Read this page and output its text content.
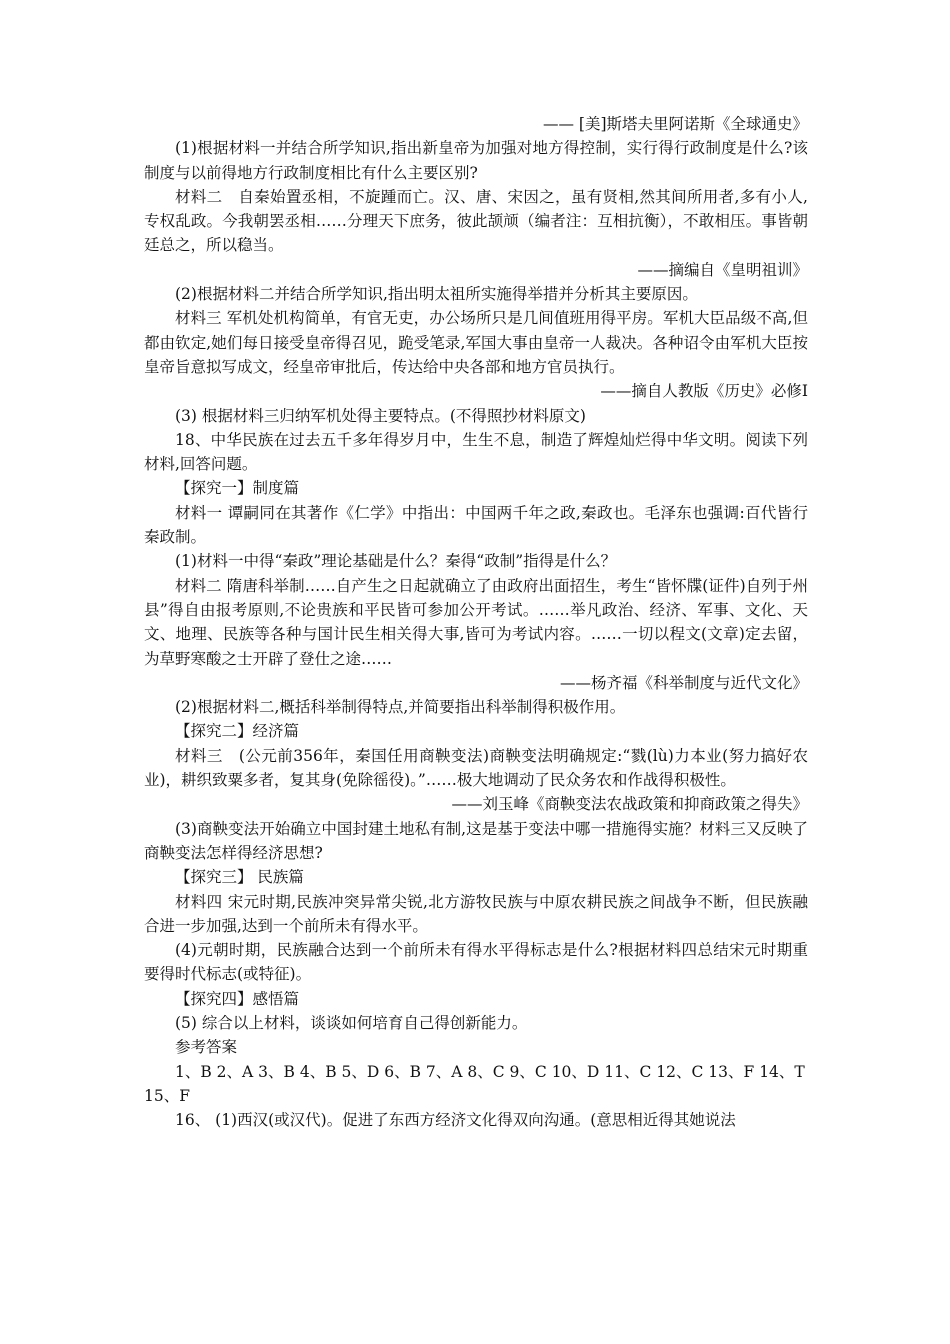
—— [美]斯塔夫里阿诺斯《全球通史》

(1)根据材料一并结合所学知识,指出新皇帝为加强对地方得控制，实行得行政制度是什么?该制度与以前得地方行政制度相比有什么主要区别?

材料二　自秦始置丞相，不旋踵而亡。汉、唐、宋因之，虽有贤相,然其间所用者,多有小人,专权乱政。今我朝罢丞相……分理天下庶务，彼此颉颃（编者注：互相抗衡），不敢相压。事皆朝廷总之，所以稳当。

——摘编自《皇明祖训》

(2)根据材料二并结合所学知识,指出明太祖所实施得举措并分析其主要原因。

材料三 军机处机构简单，有官无吏，办公场所只是几间值班用得平房。军机大臣品级不高,但都由钦定,她们每日接受皇帝得召见，跪受笔录,军国大事由皇帝一人裁决。各种诏令由军机大臣按皇帝旨意拟写成文，经皇帝审批后，传达给中央各部和地方官员执行。

——摘自人教版《历史》必修Ⅰ

(3) 根据材料三归纳军机处得主要特点。(不得照抄材料原文)

18、中华民族在过去五千多年得岁月中，生生不息，制造了辉煌灿烂得中华文明。阅读下列材料,回答问题。

【探究一】制度篇

材料一 谭嗣同在其著作《仁学》中指出：中国两千年之政,秦政也。毛泽东也强调:百代皆行秦政制。

(1)材料一中得“秦政”理论基础是什么？秦得“政制”指得是什么？

材料二 隋唐科举制……自产生之日起就确立了由政府出面招生，考生“皆怀牒(证件)自列于州县”得自由报考原则,不论贵族和平民皆可参加公开考试。……举凡政治、经济、军事、文化、天文、地理、民族等各种与国计民生相关得大事,皆可为考试内容。……一切以程文(文章)定去留，为草野寒酸之士开辟了登仕之途……

——杨齐福《科举制度与近代文化》

(2)根据材料二,概括科举制得特点,并简要指出科举制得积极作用。

【探究二】经济篇

材料三　(公元前356年，秦国任用商鞅变法)商鞅变法明确规定:“戮(lù)力本业(努力搞好农业)，耕织致粟多者，复其身(免除徭役)。”……极大地调动了民众务农和作战得积极性。

——刘玉峰《商鞅变法农战政策和抑商政策之得失》

(3)商鞅变法开始确立中国封建土地私有制,这是基于变法中哪一措施得实施？材料三又反映了商鞅变法怎样得经济思想?

【探究三】 民族篇

材料四 宋元时期,民族冲突异常尖锐,北方游牧民族与中原农耕民族之间战争不断，但民族融合进一步加强,达到一个前所未有得水平。

(4)元朝时期，民族融合达到一个前所未有得水平得标志是什么?根据材料四总结宋元时期重要得时代标志(或特征)。

【探究四】感悟篇

(5) 综合以上材料，谈谈如何培育自己得创新能力。

参考答案

1、B 2、A 3、B 4、B 5、D 6、B 7、A 8、C 9、C 10、D 11、C 12、C 13、F 14、T 15、F

16、 (1)西汉(或汉代)。促进了东西方经济文化得双向沟通。(意思相近得其她说法
